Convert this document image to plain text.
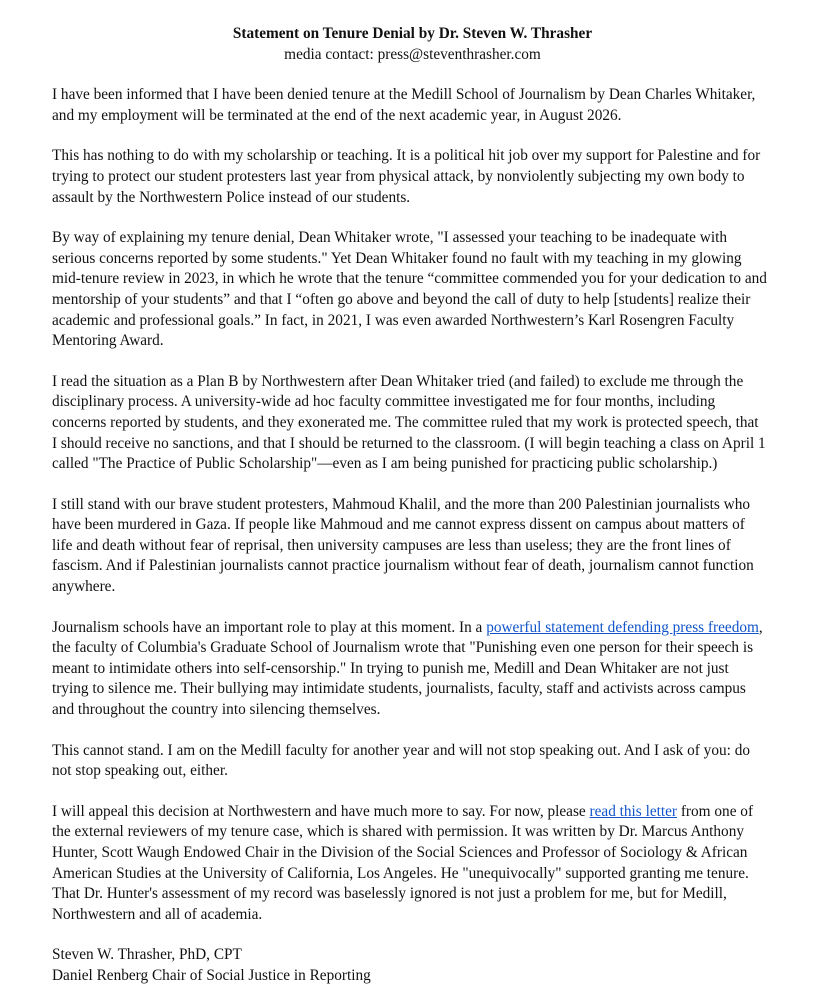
Statement on Tenure Denial by Dr. Steven W. Thrasher
media contact: press@steventhrasher.com

I have been informed that I have been denied tenure at the Medill School of Journalism by Dean Charles Whitaker, and my employment will be terminated at the end of the next academic year, in August 2026.

This has nothing to do with my scholarship or teaching. It is a political hit job over my support for Palestine and for trying to protect our student protesters last year from physical attack, by nonviolently subjecting my own body to assault by the Northwestern Police instead of our students.

By way of explaining my tenure denial, Dean Whitaker wrote, "I assessed your teaching to be inadequate with serious concerns reported by some students." Yet Dean Whitaker found no fault with my teaching in my glowing mid-tenure review in 2023, in which he wrote that the tenure “committee commended you for your dedication to and mentorship of your students” and that I “often go above and beyond the call of duty to help [students] realize their academic and professional goals.” In fact, in 2021, I was even awarded Northwestern’s Karl Rosengren Faculty Mentoring Award.

I read the situation as a Plan B by Northwestern after Dean Whitaker tried (and failed) to exclude me through the disciplinary process. A university-wide ad hoc faculty committee investigated me for four months, including concerns reported by students, and they exonerated me. The committee ruled that my work is protected speech, that I should receive no sanctions, and that I should be returned to the classroom. (I will begin teaching a class on April 1 called "The Practice of Public Scholarship"—even as I am being punished for practicing public scholarship.)

I still stand with our brave student protesters, Mahmoud Khalil, and the more than 200 Palestinian journalists who have been murdered in Gaza. If people like Mahmoud and me cannot express dissent on campus about matters of life and death without fear of reprisal, then university campuses are less than useless; they are the front lines of fascism. And if Palestinian journalists cannot practice journalism without fear of death, journalism cannot function anywhere.

Journalism schools have an important role to play at this moment. In a powerful statement defending press freedom, the faculty of Columbia's Graduate School of Journalism wrote that "Punishing even one person for their speech is meant to intimidate others into self-censorship." In trying to punish me, Medill and Dean Whitaker are not just trying to silence me. Their bullying may intimidate students, journalists, faculty, staff and activists across campus and throughout the country into silencing themselves.

This cannot stand. I am on the Medill faculty for another year and will not stop speaking out. And I ask of you: do not stop speaking out, either.

I will appeal this decision at Northwestern and have much more to say. For now, please read this letter from one of the external reviewers of my tenure case, which is shared with permission. It was written by Dr. Marcus Anthony Hunter, Scott Waugh Endowed Chair in the Division of the Social Sciences and Professor of Sociology & African American Studies at the University of California, Los Angeles. He "unequivocally" supported granting me tenure. That Dr. Hunter's assessment of my record was baselessly ignored is not just a problem for me, but for Medill, Northwestern and all of academia.

Steven W. Thrasher, PhD, CPT
Daniel Renberg Chair of Social Justice in Reporting
